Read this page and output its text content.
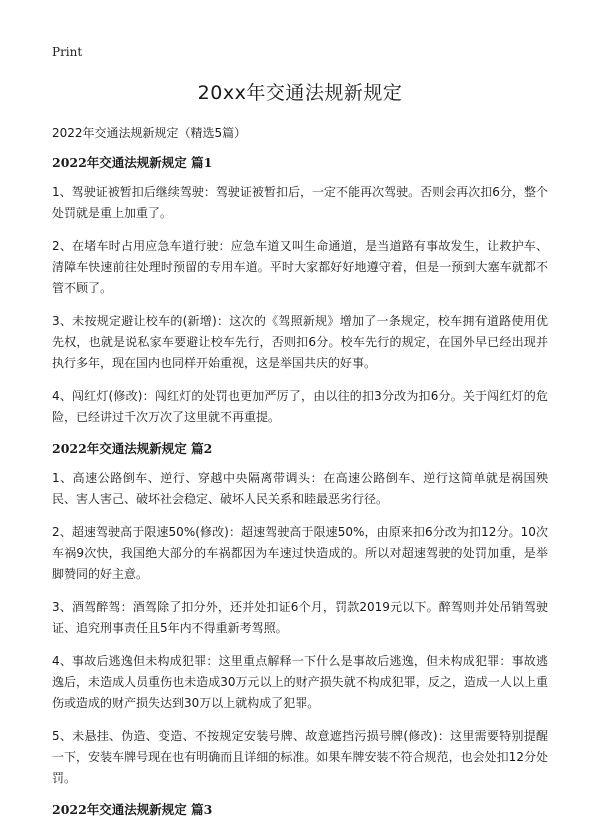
Print
20xx年交通法规新规定

2022年交通法规新规定（精选5篇）

2022年交通法规新规定 篇1

1、驾驶证被暂扣后继续驾驶：驾驶证被暂扣后，一定不能再次驾驶。否则会再次扣6分，整个处罚就是重上加重了。

2、在堵车时占用应急车道行驶：应急车道又叫生命通道，是当道路有事故发生，让救护车、清障车快速前往处理时预留的专用车道。平时大家都好好地遵守着，但是一预到大塞车就都不管不顾了。

3、未按规定避让校车的(新增)：这次的《驾照新规》增加了一条规定，校车拥有道路使用优先权，也就是说私家车要避让校车先行，否则扣6分。校车先行的规定，在国外早已经出现并执行多年，现在国内也同样开始重视，这是举国共庆的好事。

4、闯红灯(修改)：闯红灯的处罚也更加严厉了，由以往的扣3分改为扣6分。关于闯红灯的危险，已经讲过千次万次了这里就不再重提。

2022年交通法规新规定 篇2

1、高速公路倒车、逆行、穿越中央隔离带调头：在高速公路倒车、逆行这简单就是祸国殃民、害人害己、破坏社会稳定、破坏人民关系和睦最恶劣行径。

2、超速驾驶高于限速50%(修改)：超速驾驶高于限速50%，由原来扣6分改为扣12分。10次车祸9次快，我国绝大部分的车祸都因为车速过快造成的。所以对超速驾驶的处罚加重，是举脚赞同的好主意。

3、酒驾醉驾：酒驾除了扣分外，还并处扣证6个月，罚款2019元以下。醉驾则并处吊销驾驶证、追究刑事责任且5年内不得重新考驾照。

4、事故后逃逸但未构成犯罪：这里重点解释一下什么是事故后逃逸，但未构成犯罪：事故逃逸后，未造成人员重伤也未造成30万元以上的财产损失就不构成犯罪，反之，造成一人以上重伤或造成的财产损失达到30万以上就构成了犯罪。

5、未悬挂、伪造、变造、不按规定安装号牌、故意遮挡污损号牌(修改)：这里需要特别提醒一下，安装车牌号现在也有明确而且详细的标准。如果车牌安装不符合规范，也会处扣12分处罚。

2022年交通法规新规定 篇3
